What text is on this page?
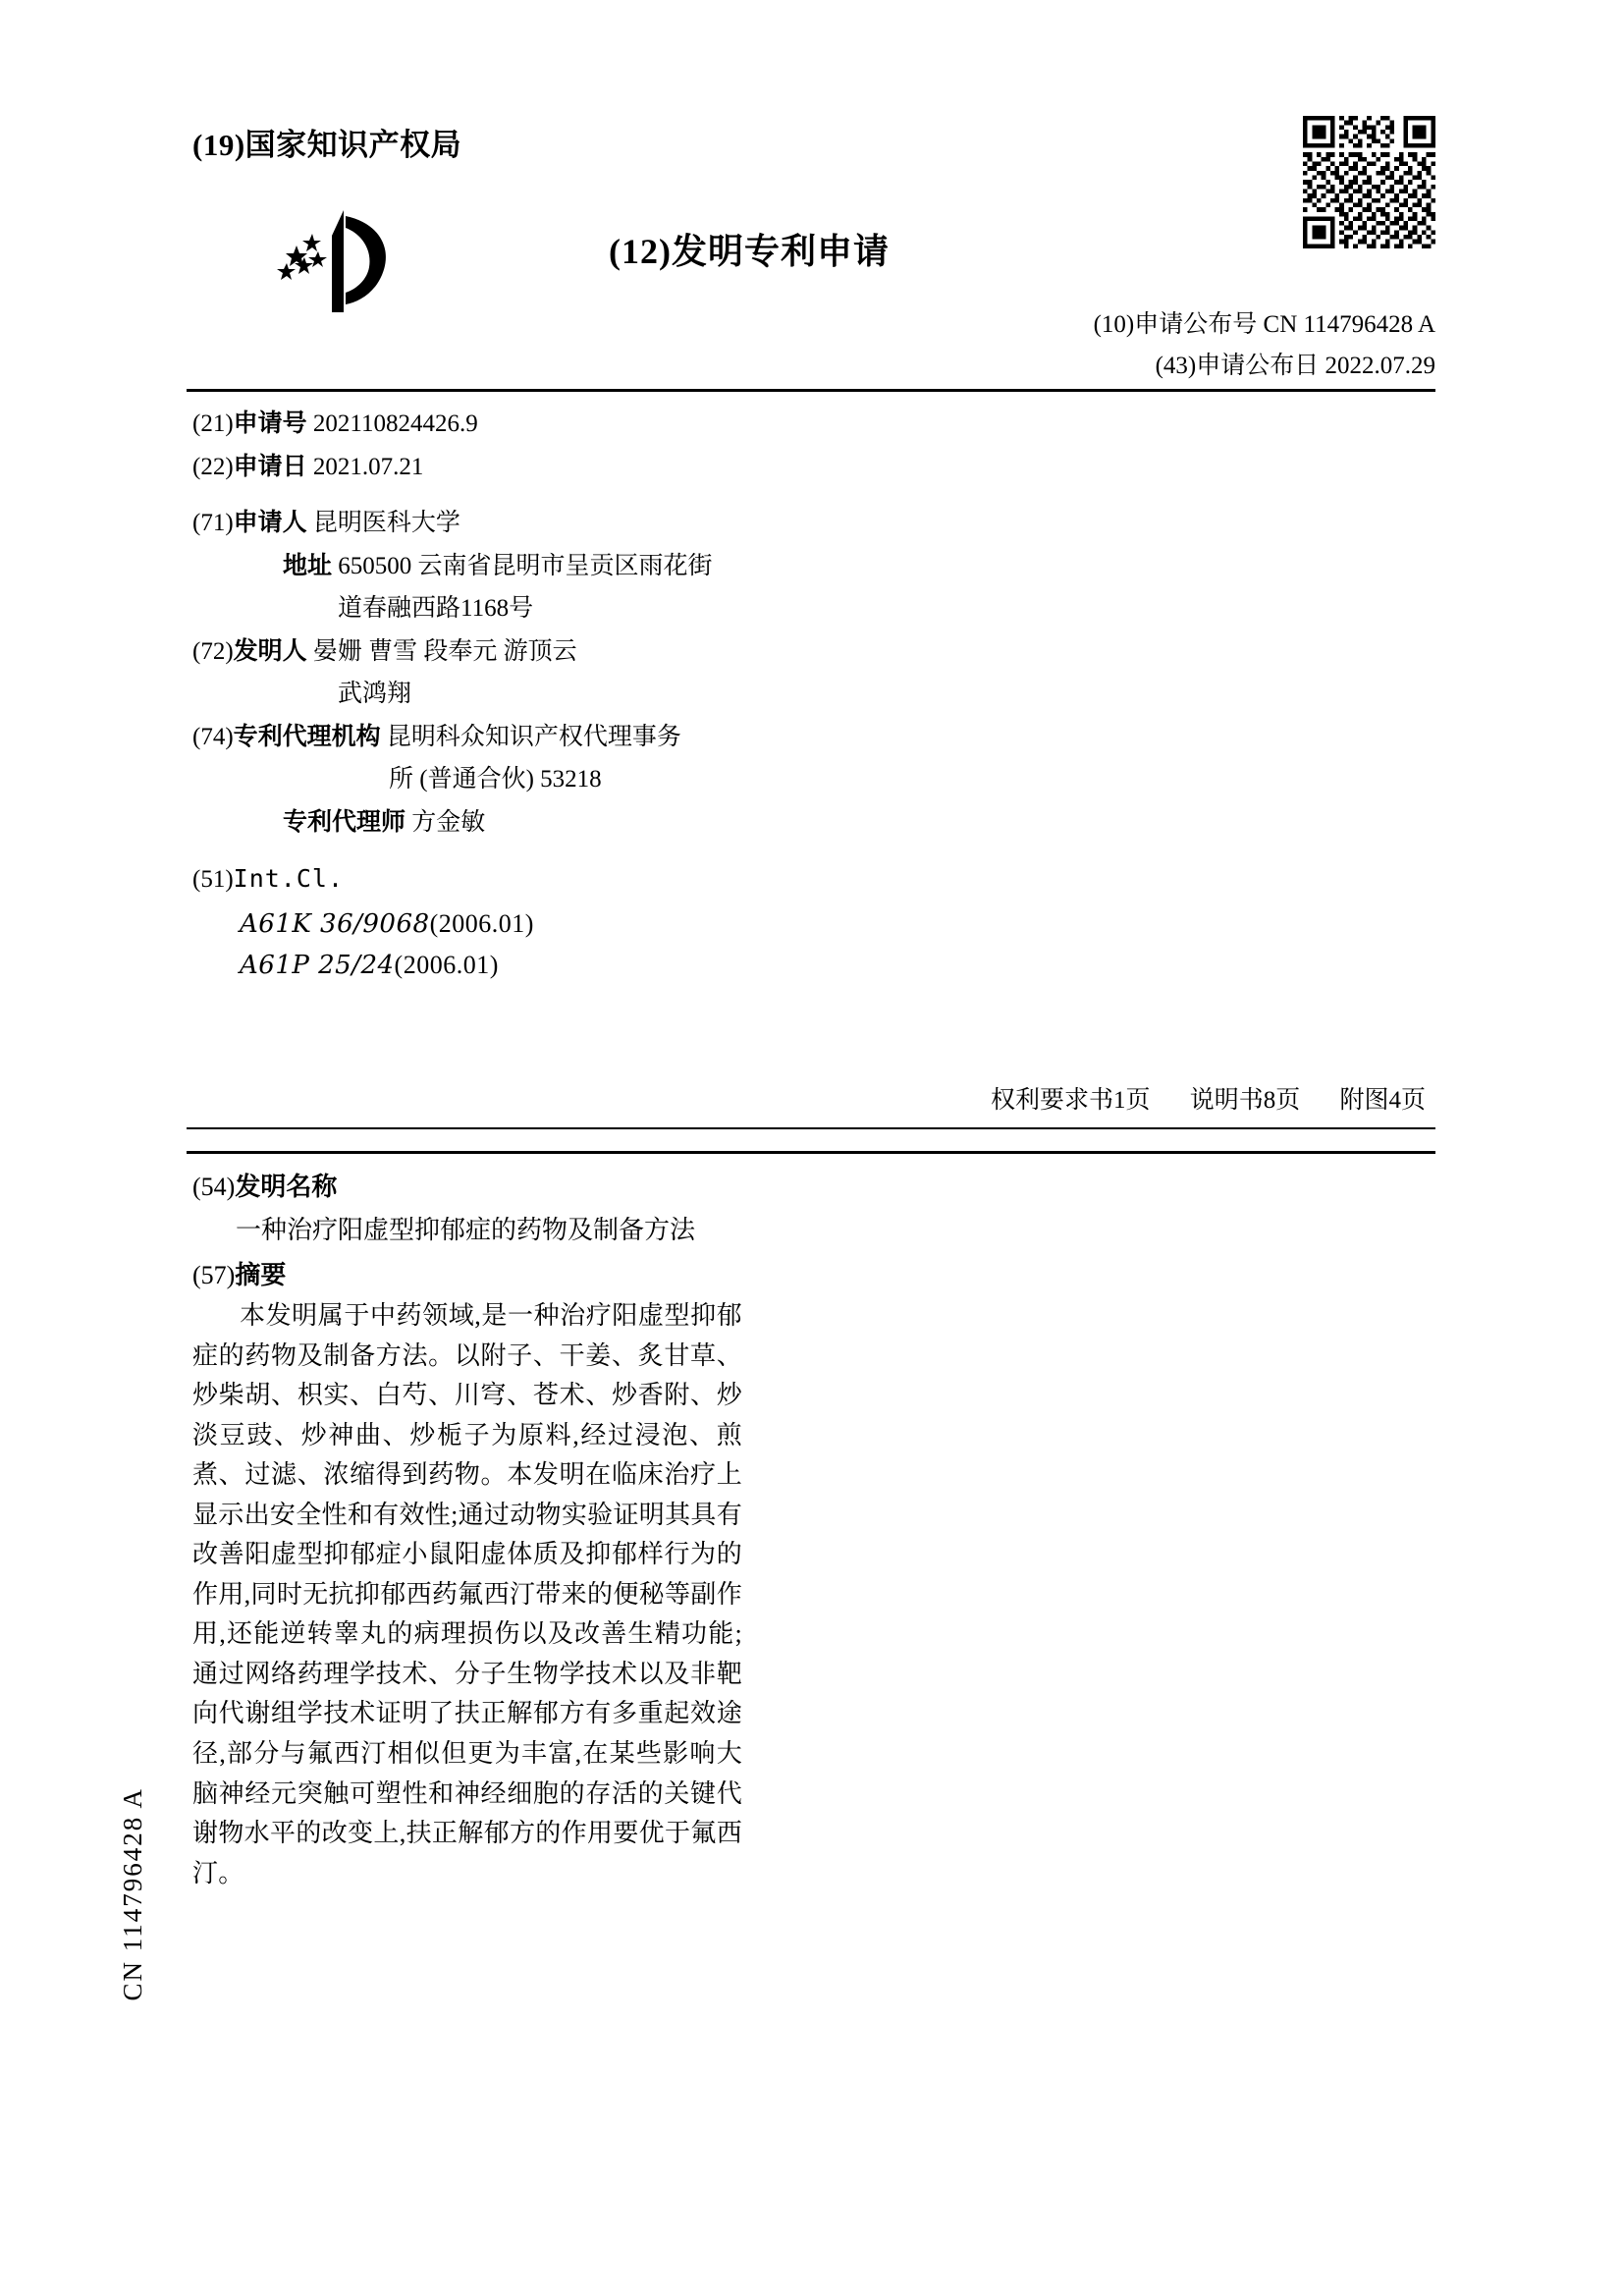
(19)国家知识产权局
(12)发明专利申请
(10)申请公布号 CN 114796428 A
(43)申请公布日 2022.07.29
(21)申请号 202110824426.9
(22)申请日 2021.07.21
(71)申请人 昆明医科大学
地址 650500 云南省昆明市呈贡区雨花街
道春融西路1168号
(72)发明人 晏姗 曹雪 段奉元 游顶云
武鸿翔
(74)专利代理机构 昆明科众知识产权代理事务
所 (普通合伙) 53218
专利代理师 方金敏
(51)Int.Cl.
A61K 36/9068(2006.01)
A61P 25/24(2006.01)
权利要求书1页 说明书8页 附图4页
(54)发明名称
一种治疗阳虚型抑郁症的药物及制备方法
(57)摘要
本发明属于中药领域,是一种治疗阳虚型抑郁症的药物及制备方法。以附子、干姜、炙甘草、炒柴胡、枳实、白芍、川穹、苍术、炒香附、炒淡豆豉、炒神曲、炒栀子为原料,经过浸泡、煎煮、过滤、浓缩得到药物。本发明在临床治疗上显示出安全性和有效性;通过动物实验证明其具有改善阳虚型抑郁症小鼠阳虚体质及抑郁样行为的作用,同时无抗抑郁西药氟西汀带来的便秘等副作用,还能逆转睾丸的病理损伤以及改善生精功能;通过网络药理学技术、分子生物学技术以及非靶向代谢组学技术证明了扶正解郁方有多重起效途径,部分与氟西汀相似但更为丰富,在某些影响大脑神经元突触可塑性和神经细胞的存活的关键代谢物水平的改变上,扶正解郁方的作用要优于氟西汀。
CN 114796428 A
